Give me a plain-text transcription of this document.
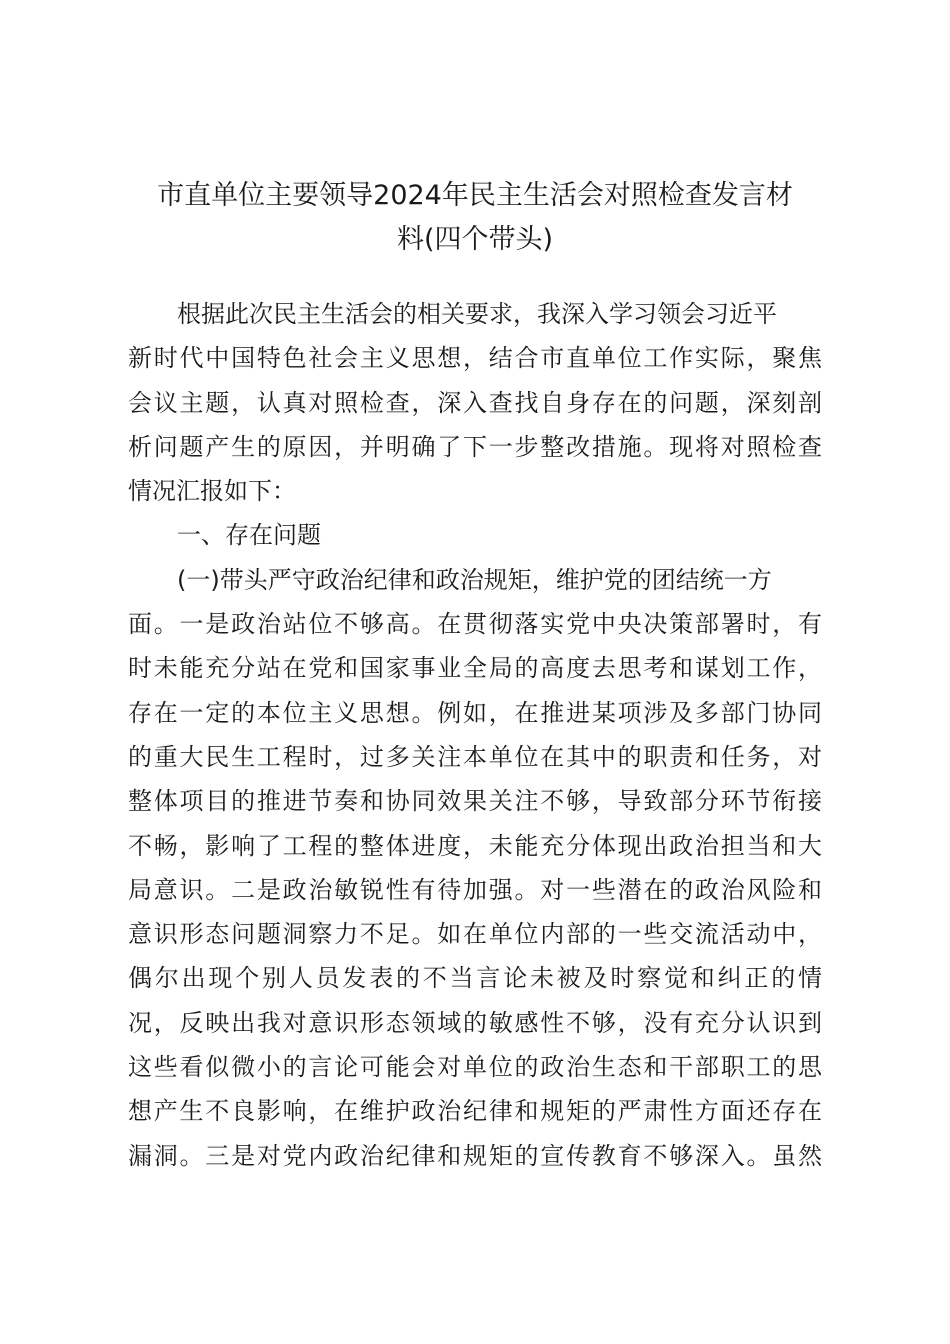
市直单位主要领导2024年民主生活会对照检查发言材
料(四个带头)
根据此次民主生活会的相关要求，我深入学习领会习近平
新时代中国特色社会主义思想，结合市直单位工作实际，聚焦
会议主题，认真对照检查，深入查找自身存在的问题，深刻剖
析问题产生的原因，并明确了下一步整改措施。现将对照检查
情况汇报如下：
一、存在问题
(一)带头严守政治纪律和政治规矩，维护党的团结统一方
面。一是政治站位不够高。在贯彻落实党中央决策部署时，有
时未能充分站在党和国家事业全局的高度去思考和谋划工作，
存在一定的本位主义思想。例如，在推进某项涉及多部门协同
的重大民生工程时，过多关注本单位在其中的职责和任务，对
整体项目的推进节奏和协同效果关注不够，导致部分环节衔接
不畅，影响了工程的整体进度，未能充分体现出政治担当和大
局意识。二是政治敏锐性有待加强。对一些潜在的政治风险和
意识形态问题洞察力不足。如在单位内部的一些交流活动中，
偶尔出现个别人员发表的不当言论未被及时察觉和纠正的情
况，反映出我对意识形态领域的敏感性不够，没有充分认识到
这些看似微小的言论可能会对单位的政治生态和干部职工的思
想产生不良影响，在维护政治纪律和规矩的严肃性方面还存在
漏洞。三是对党内政治纪律和规矩的宣传教育不够深入。虽然
